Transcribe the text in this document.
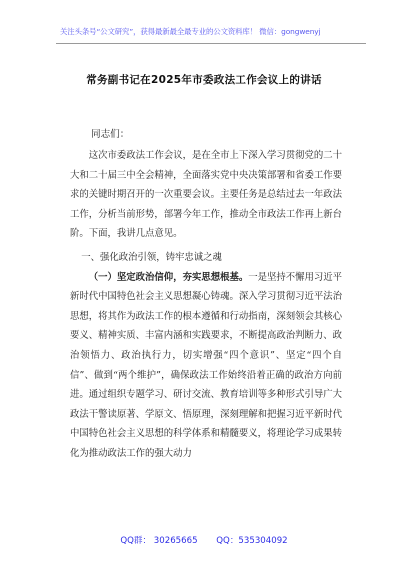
关注头条号“公文研究”，获得最新最全最专业的公文资料库！ 微信：gongwenyj
常务副书记在2025年市委政法工作会议上的讲话
同志们：

这次市委政法工作会议，是在全市上下深入学习贯彻党的二十大和二十届三中全会精神，全面落实党中央决策部署和省委工作要求的关键时期召开的一次重要会议。主要任务是总结过去一年政法工作，分析当前形势，部署今年工作，推动全市政法工作再上新台阶。下面，我讲几点意见。

一、强化政治引领，铸牢忠诚之魂

（一）坚定政治信仰，夯实思想根基。一是坚持不懈用习近平新时代中国特色社会主义思想凝心铸魂。深入学习贯彻习近平法治思想，将其作为政法工作的根本遵循和行动指南，深刻领会其核心要义、精神实质、丰富内涵和实践要求，不断提高政治判断力、政治领悟力、政治执行力，切实增强“四个意识”、坚定“四个自信”、做到“两个维护”，确保政法工作始终沿着正确的政治方向前进。通过组织专题学习、研讨交流、教育培训等多种形式引导广大政法干警读原著、学原文、悟原理，深刻理解和把握习近平新时代中国特色社会主义思想的科学体系和精髓要义，将理论学习成果转化为推动政法工作的强大动力

QQ群： 30265665 QQ：535304092
